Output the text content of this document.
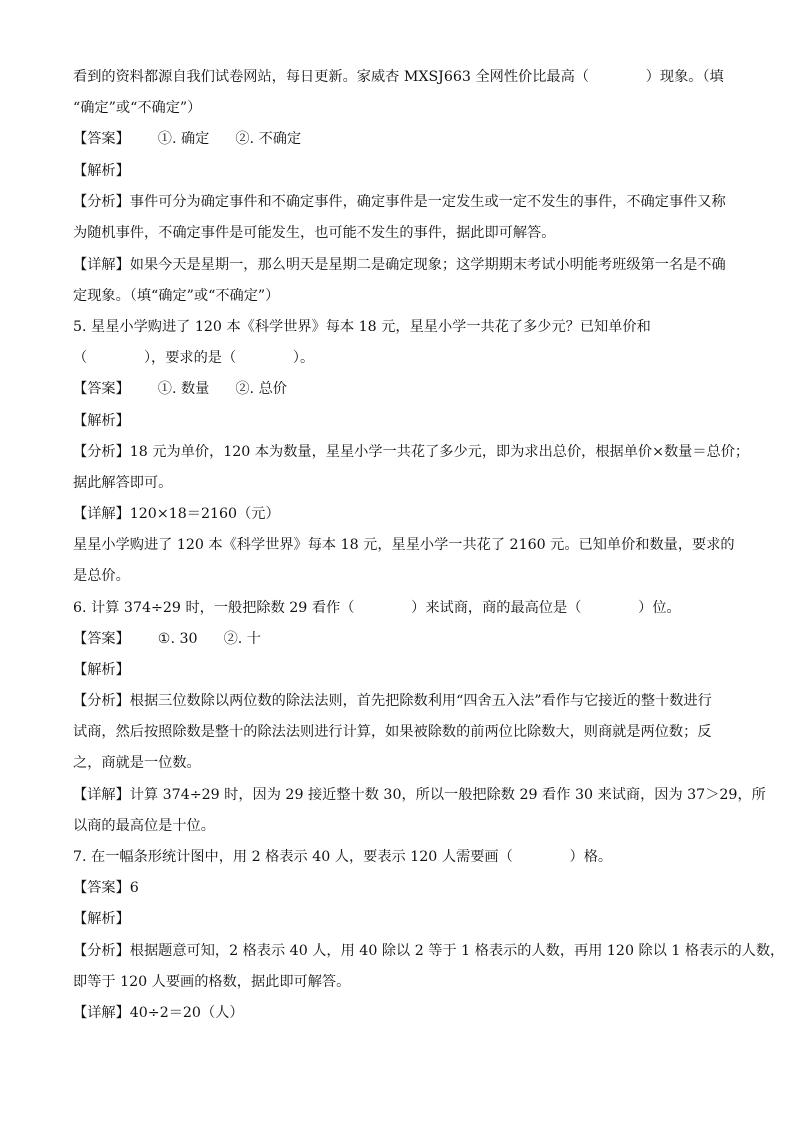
看到的资料都源自我们试卷网站，每日更新。家威杏 MXSJ663 全网性价比最高（　　　　）现象。（填
“确定”或“不确定”）
【答案】 ①. 确定 ②. 不确定
【解析】
【分析】事件可分为确定事件和不确定事件，确定事件是一定发生或一定不发生的事件，不确定事件又称
为随机事件，不确定事件是可能发生，也可能不发生的事件，据此即可解答。
【详解】如果今天是星期一，那么明天是星期二是确定现象；这学期期末考试小明能考班级第一名是不确
定现象。（填“确定”或“不确定”）
5. 星星小学购进了 120 本《科学世界》每本 18 元，星星小学一共花了多少元？已知单价和
（　　　　），要求的是（　　　　）。
【答案】 ①. 数量 ②. 总价
【解析】
【分析】18 元为单价，120 本为数量，星星小学一共花了多少元，即为求出总价，根据单价×数量＝总价；
据此解答即可。
【详解】120×18＝2160（元）
星星小学购进了 120 本《科学世界》每本 18 元，星星小学一共花了 2160 元。已知单价和数量，要求的
是总价。
6. 计算 374÷29 时，一般把除数 29 看作（　　　　）来试商，商的最高位是（　　　　）位。
【答案】 ①. 30 ②. 十
【解析】
【分析】根据三位数除以两位数的除法法则，首先把除数利用“四舍五入法”看作与它接近的整十数进行
试商，然后按照除数是整十的除法法则进行计算，如果被除数的前两位比除数大，则商就是两位数；反
之，商就是一位数。
【详解】计算 374÷29 时，因为 29 接近整十数 30，所以一般把除数 29 看作 30 来试商，因为 37＞29，所
以商的最高位是十位。
7. 在一幅条形统计图中，用 2 格表示 40 人，要表示 120 人需要画（　　　　）格。
【答案】6
【解析】
【分析】根据题意可知，2 格表示 40 人，用 40 除以 2 等于 1 格表示的人数，再用 120 除以 1 格表示的人数，
即等于 120 人要画的格数，据此即可解答。
【详解】40÷2＝20（人）
